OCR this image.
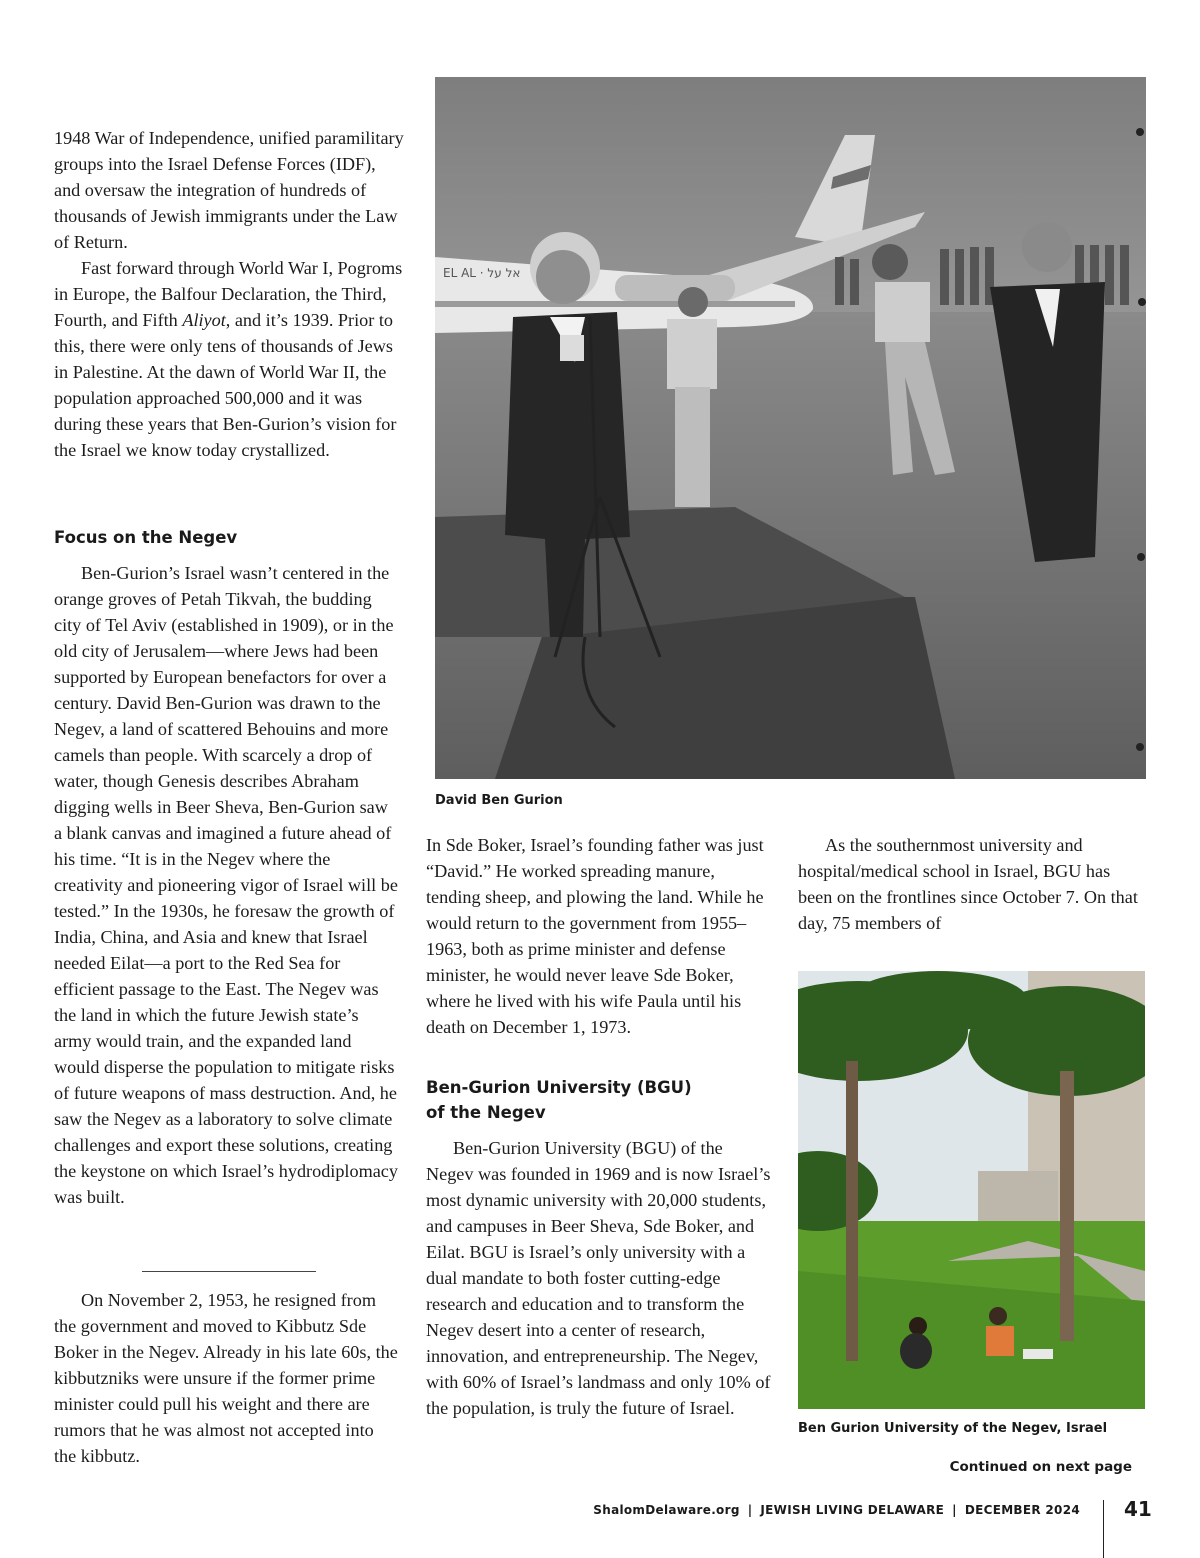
1948 War of Independence, unified paramilitary groups into the Israel Defense Forces (IDF), and oversaw the integration of hundreds of thousands of Jewish immigrants under the Law of Return.

Fast forward through World War I, Pogroms in Europe, the Balfour Declaration, the Third, Fourth, and Fifth Aliyot, and it’s 1939. Prior to this, there were only tens of thousands of Jews in Palestine. At the dawn of World War II, the population approached 500,000 and it was during these years that Ben-Gurion’s vision for the Israel we know today crystallized.

Focus on the Negev

Ben-Gurion’s Israel wasn’t centered in the orange groves of Petah Tikvah, the budding city of Tel Aviv (established in 1909), or in the old city of Jerusalem—where Jews had been supported by European benefactors for over a century. David Ben-Gurion was drawn to the Negev, a land of scattered Behouins and more camels than people. With scarcely a drop of water, though Genesis describes Abraham digging wells in Beer Sheva, Ben-Gurion saw a blank canvas and imagined a future ahead of his time. “It is in the Negev where the creativity and pioneering vigor of Israel will be tested.” In the 1930s, he foresaw the growth of India, China, and Asia and knew that Israel needed Eilat—a port to the Red Sea for efficient passage to the East. The Negev was the land in which the future Jewish state’s army would train, and the expanded land would disperse the population to mitigate risks of future weapons of mass destruction. And, he saw the Negev as a laboratory to solve climate challenges and export these solutions, creating the keystone on which Israel’s hydrodiplomacy was built.

On November 2, 1953, he resigned from the government and moved to Kibbutz Sde Boker in the Negev. Already in his late 60s, the kibbutzniks were unsure if the former prime minister could pull his weight and there are rumors that he was almost not accepted into the kibbutz.

EL AL · אל על
David Ben Gurion

In Sde Boker, Israel’s founding father was just “David.” He worked spreading manure, tending sheep, and plowing the land. While he would return to the government from 1955–1963, both as prime minister and defense minister, he would never leave Sde Boker, where he lived with his wife Paula until his death on December 1, 1973.

Ben-Gurion University (BGU)
of the Negev

Ben-Gurion University (BGU) of the Negev was founded in 1969 and is now Israel’s most dynamic university with 20,000 students, and campuses in Beer Sheva, Sde Boker, and Eilat. BGU is Israel’s only university with a dual mandate to both foster cutting-edge research and education and to transform the Negev desert into a center of research, innovation, and entrepreneurship. The Negev, with 60% of Israel’s landmass and only 10% of the population, is truly the future of Israel.

As the southernmost university and hospital/medical school in Israel, BGU has been on the frontlines since October 7. On that day, 75 members of

Ben Gurion University of the Negev, Israel
Continued on next page
ShalomDelaware.org | JEWISH LIVING DELAWARE | DECEMBER 2024 41
